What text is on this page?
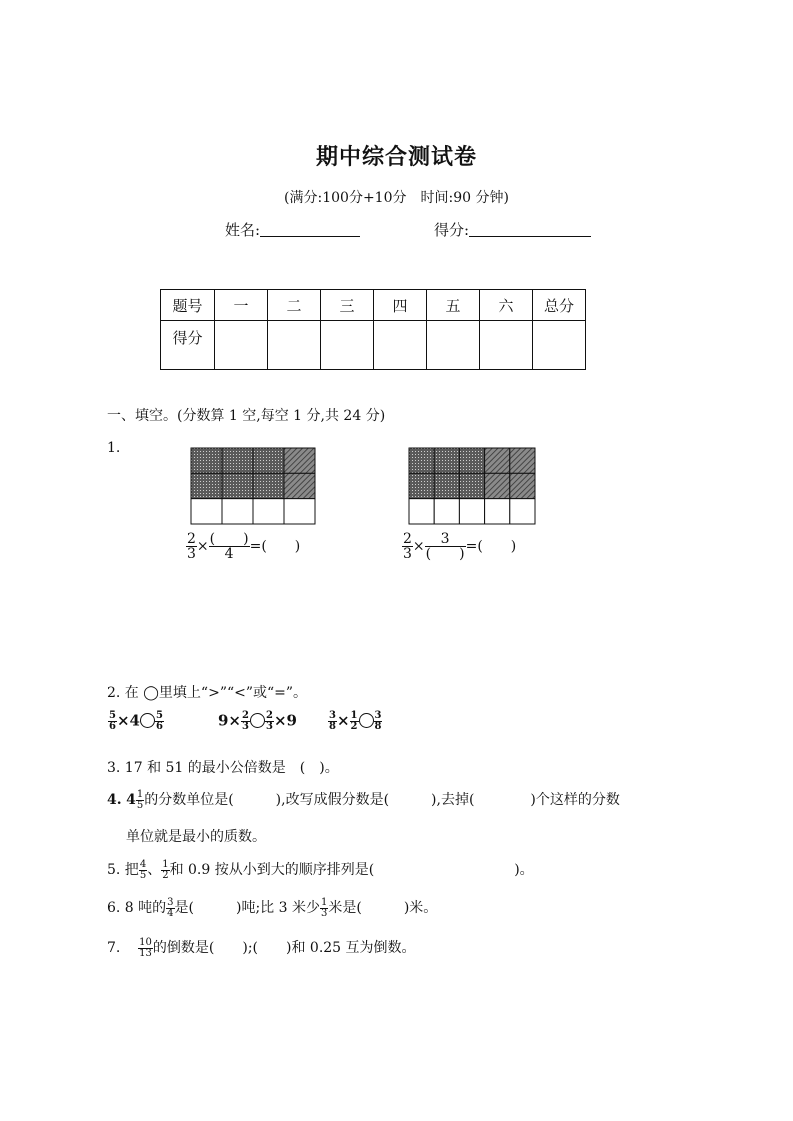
期中综合测试卷
(满分:100分+10分　时间:90 分钟)
姓名:	得分:
题号	一	二	三	四	五	六	总分
得分							
一、填空。(分数算 1 空,每空 1 分,共 24 分)
1.
$\frac{2}{3} \times \frac{( )}{4}$ =(　　)	$\frac{2}{3} \times \frac{3}{( )}$ =(　　)
2. 在 ◯里填上“>”“<”或“=”。
$\frac{5}{6} \times 4 \frac{5}{6}$	$9\times \frac{2}{3} \frac{2}{3} \times 9$	$\frac{3}{8} \times \frac{1}{2} \frac{3}{8}$
3. 17 和 51 的最小公倍数是　(　)。
4. $4 \frac{1}{5}$ 的分数单位是(　　　),改写成假分数是(　　　),去掉(　　　　)个这样的分数
单位就是最小的质数。
5. 把 $\frac{4}{5}$ 、 $\frac{1}{2}$ 和 0.9 按从小到大的顺序排列是(　　　　　　　　　　)。
6. 8 吨的 $\frac{3}{4}$ 是(　　　)吨;比 3 米少 $\frac{1}{3}$ 米是(　　　)米。
7. $\frac{10}{13}$ 的倒数是(　　);(　　)和 0.25 互为倒数。
